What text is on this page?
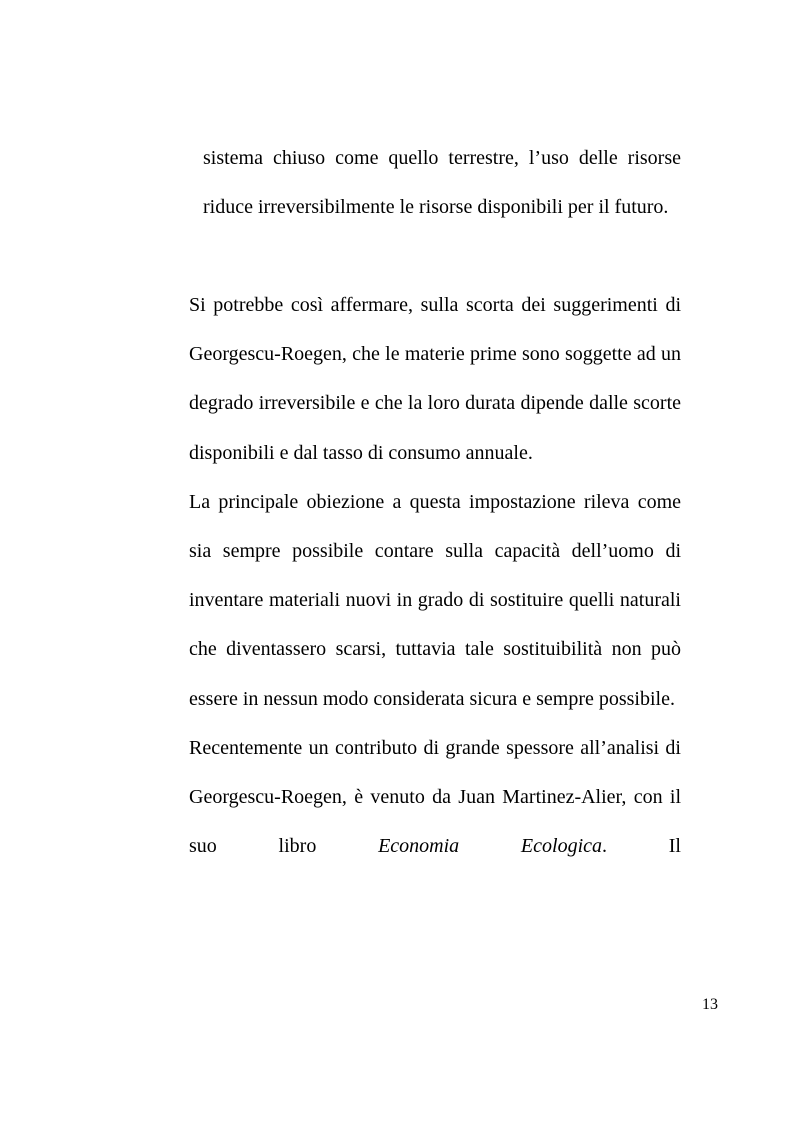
sistema chiuso come quello terrestre, l’uso delle risorse riduce irreversibilmente le risorse disponibili per il futuro.

Si potrebbe così affermare, sulla scorta dei suggerimenti di Georgescu-Roegen, che le materie prime sono soggette ad un degrado irreversibile e che la loro durata dipende dalle scorte disponibili e dal tasso di consumo annuale.

La principale obiezione a questa impostazione rileva come sia sempre possibile contare sulla capacità dell’uomo di inventare materiali nuovi in grado di sostituire quelli naturali che diventassero scarsi, tuttavia tale sostituibilità non può essere in nessun modo considerata sicura e sempre possibile.

Recentemente un contributo di grande spessore all’analisi di Georgescu-Roegen, è venuto da Juan Martinez-Alier, con il suo libro Economia Ecologica. Il

13
